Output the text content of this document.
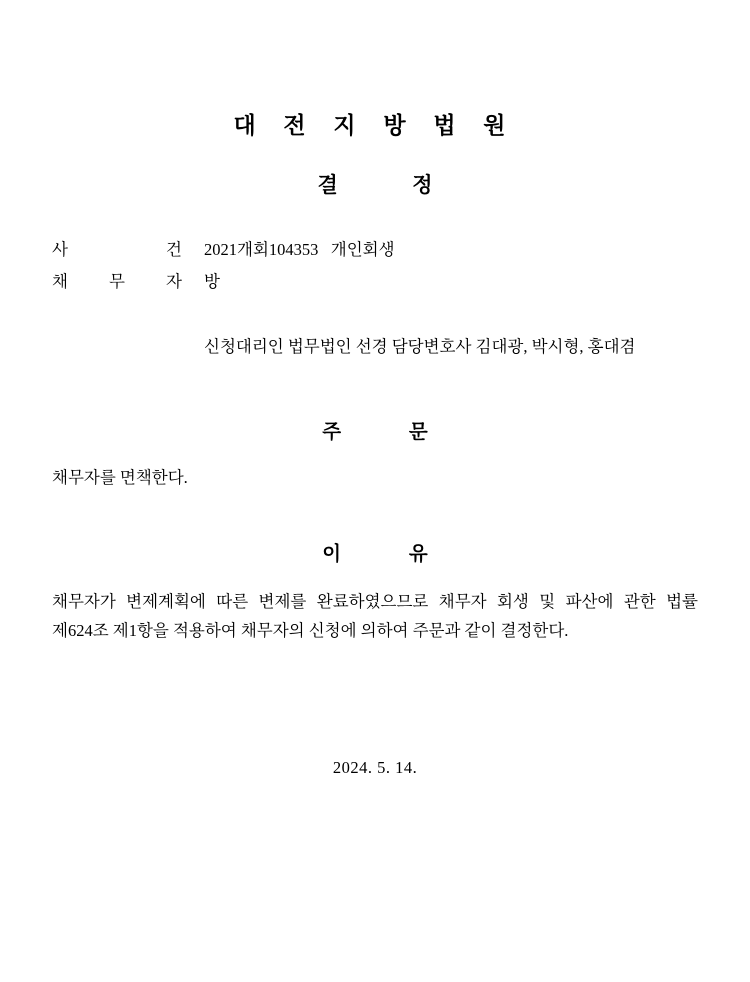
대 전 지 방 법 원
결	정
사	건 2021개회104353   개인회생
채 무 자 방
신청대리인 법무법인 선경 담당변호사 김대광, 박시형, 홍대겸
주	문
채무자를 면책한다.
이	유

채무자가 변제계획에 따른 변제를 완료하였으므로 채무자 회생 및 파산에 관한 법률

제624조 제1항을 적용하여 채무자의 신청에 의하여 주문과 같이 결정한다.

2024. 5. 14.
